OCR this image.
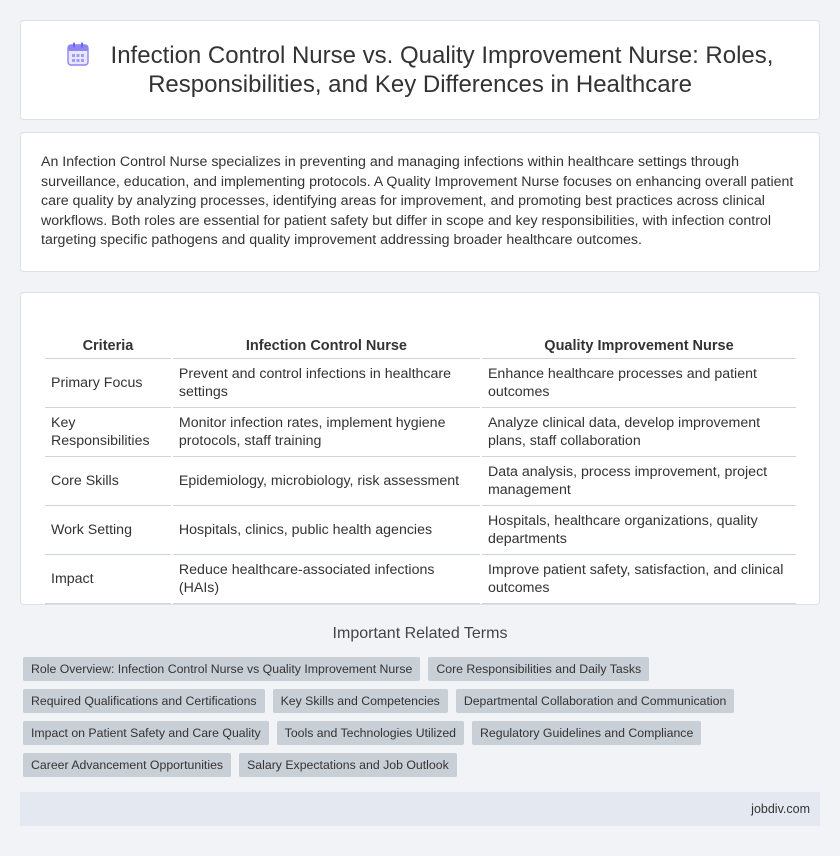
Infection Control Nurse vs. Quality Improvement Nurse: Roles, Responsibilities, and Key Differences in Healthcare

An Infection Control Nurse specializes in preventing and managing infections within healthcare settings through surveillance, education, and implementing protocols. A Quality Improvement Nurse focuses on enhancing overall patient care quality by analyzing processes, identifying areas for improvement, and promoting best practices across clinical workflows. Both roles are essential for patient safety but differ in scope and key responsibilities, with infection control targeting specific pathogens and quality improvement addressing broader healthcare outcomes.

Criteria	Infection Control Nurse	Quality Improvement Nurse
Primary Focus	Prevent and control infections in healthcare settings	Enhance healthcare processes and patient outcomes
Key Responsibilities	Monitor infection rates, implement hygiene protocols, staff training	Analyze clinical data, develop improvement plans, staff collaboration
Core Skills	Epidemiology, microbiology, risk assessment	Data analysis, process improvement, project management
Work Setting	Hospitals, clinics, public health agencies	Hospitals, healthcare organizations, quality departments
Impact	Reduce healthcare-associated infections (HAIs)	Improve patient safety, satisfaction, and clinical outcomes
Important Related Terms
Role Overview: Infection Control Nurse vs Quality Improvement Nurse	Core Responsibilities and Daily Tasks
Required Qualifications and Certifications	Key Skills and Competencies	Departmental Collaboration and Communication
Impact on Patient Safety and Care Quality	Tools and Technologies Utilized	Regulatory Guidelines and Compliance
Career Advancement Opportunities	Salary Expectations and Job Outlook
jobdiv.com
